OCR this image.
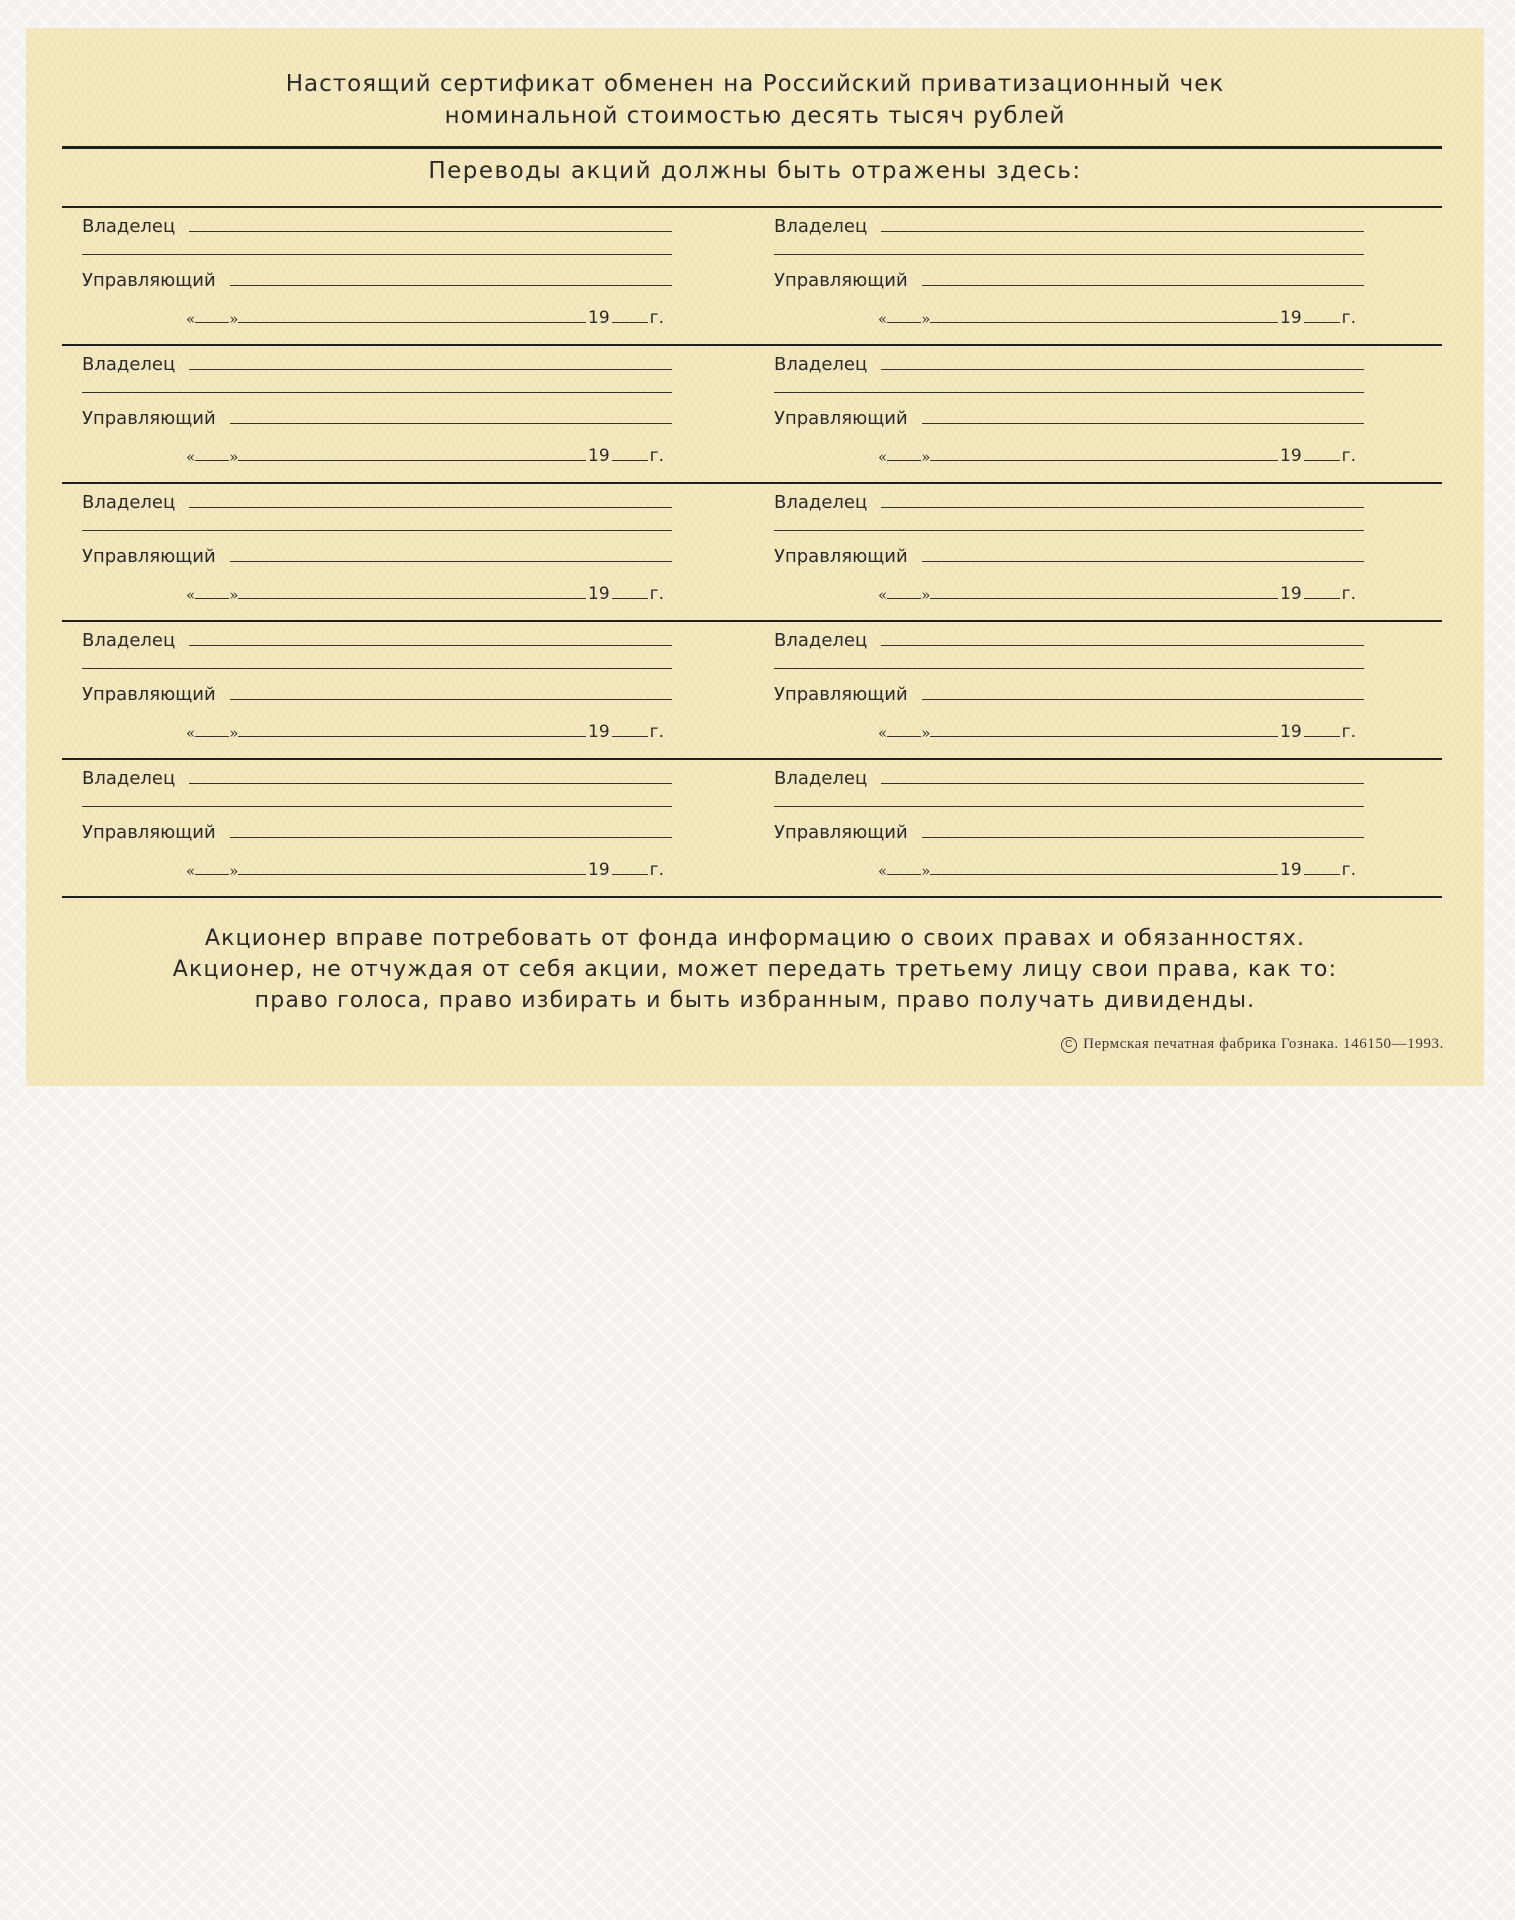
Настоящий сертификат обменен на Российский приватизационный чек
номинальной стоимостью десять тысяч рублей
Переводы акций должны быть отражены здесь:
Владелец
Управляющий
« »	19 г.
Владелец
Управляющий
« »	19 г.
Владелец
Управляющий
« »	19 г.
Владелец
Управляющий
« »	19 г.
Владелец
Управляющий
« »	19 г.
Владелец
Управляющий
« »	19 г.
Владелец
Управляющий
« »	19 г.
Владелец
Управляющий
« »	19 г.
Владелец
Управляющий
« »	19 г.
Владелец
Управляющий
« »	19 г.
Акционер вправе потребовать от фонда информацию о своих правах и обязанностях.
Акционер, не отчуждая от себя акции, может передать третьему лицу свои права, как то:
право голоса, право избирать и быть избранным, право получать дивиденды.
C Пермская печатная фабрика Гознака. 146150—1993.
